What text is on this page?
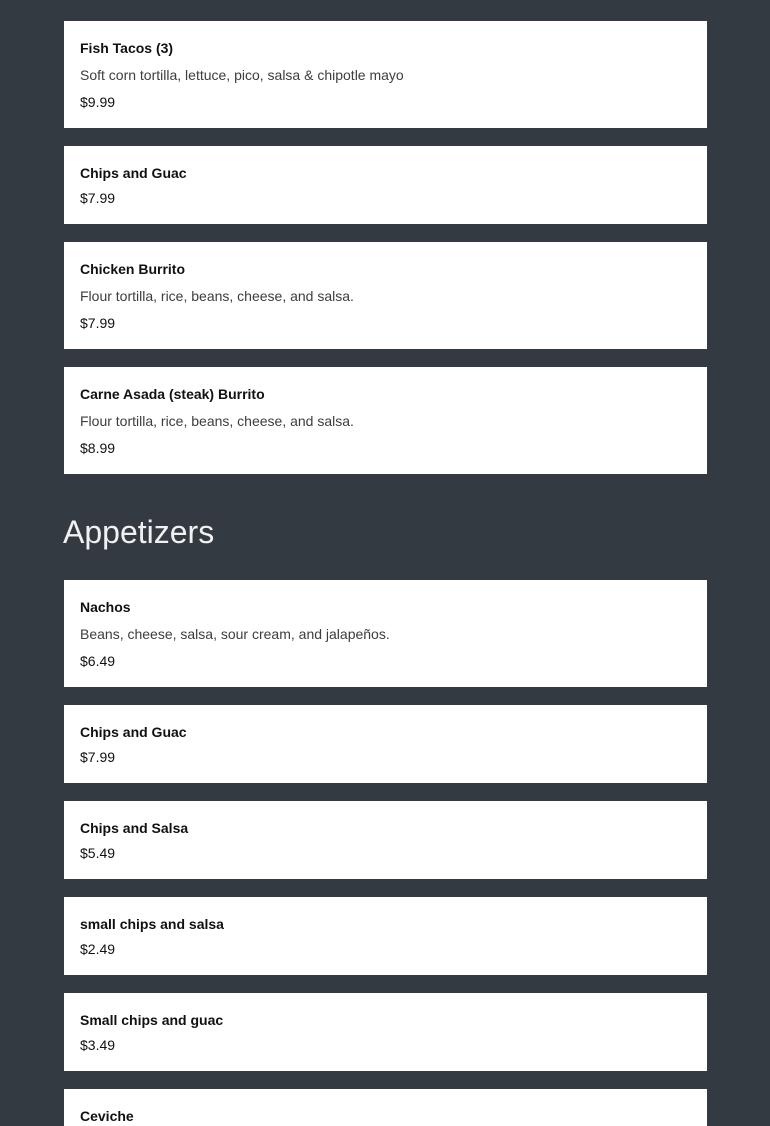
Fish Tacos (3)
Soft corn tortilla, lettuce, pico, salsa & chipotle mayo
$9.99
Chips and Guac
$7.99
Chicken Burrito
Flour tortilla, rice, beans, cheese, and salsa.
$7.99
Carne Asada (steak) Burrito
Flour tortilla, rice, beans, cheese, and salsa.
$8.99
Appetizers
Nachos
Beans, cheese, salsa, sour cream, and jalapeños.
$6.49
Chips and Guac
$7.99
Chips and Salsa
$5.49
small chips and salsa
$2.49
Small chips and guac
$3.49
Ceviche
